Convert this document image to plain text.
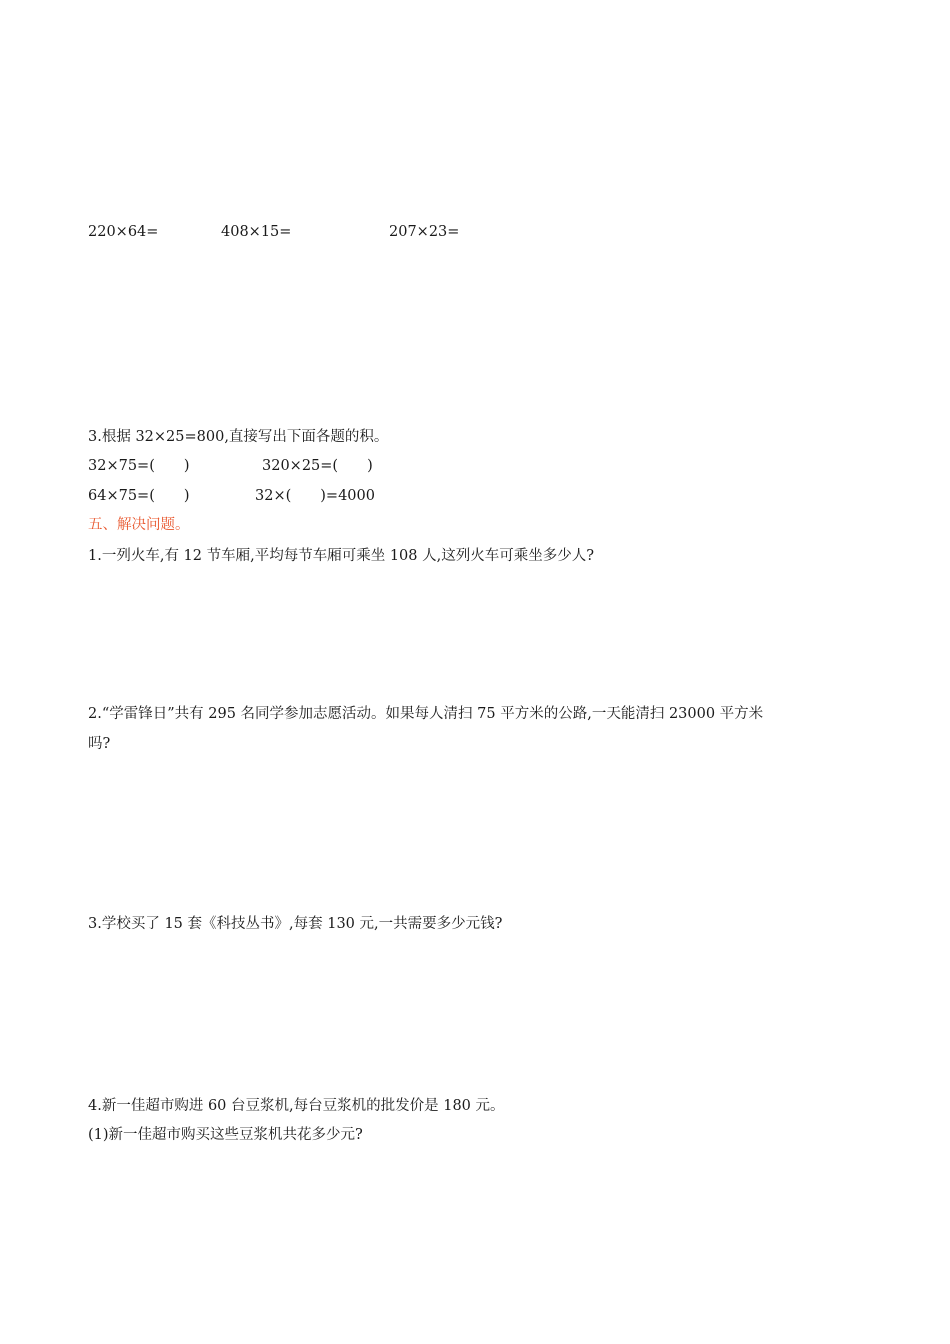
220×64=	408×15=	207×23=
3.根据 32×25=800,直接写出下面各题的积。
32×75=(　　)	320×25=(　　)
64×75=(　　)	32×(　　)=4000
五、解决问题。
1.一列火车,有 12 节车厢,平均每节车厢可乘坐 108 人,这列火车可乘坐多少人?
2.“学雷锋日”共有 295 名同学参加志愿活动。如果每人清扫 75 平方米的公路,一天能清扫 23000 平方米
吗?
3.学校买了 15 套《科技丛书》,每套 130 元,一共需要多少元钱?
4.新一佳超市购进 60 台豆浆机,每台豆浆机的批发价是 180 元。
(1)新一佳超市购买这些豆浆机共花多少元?
